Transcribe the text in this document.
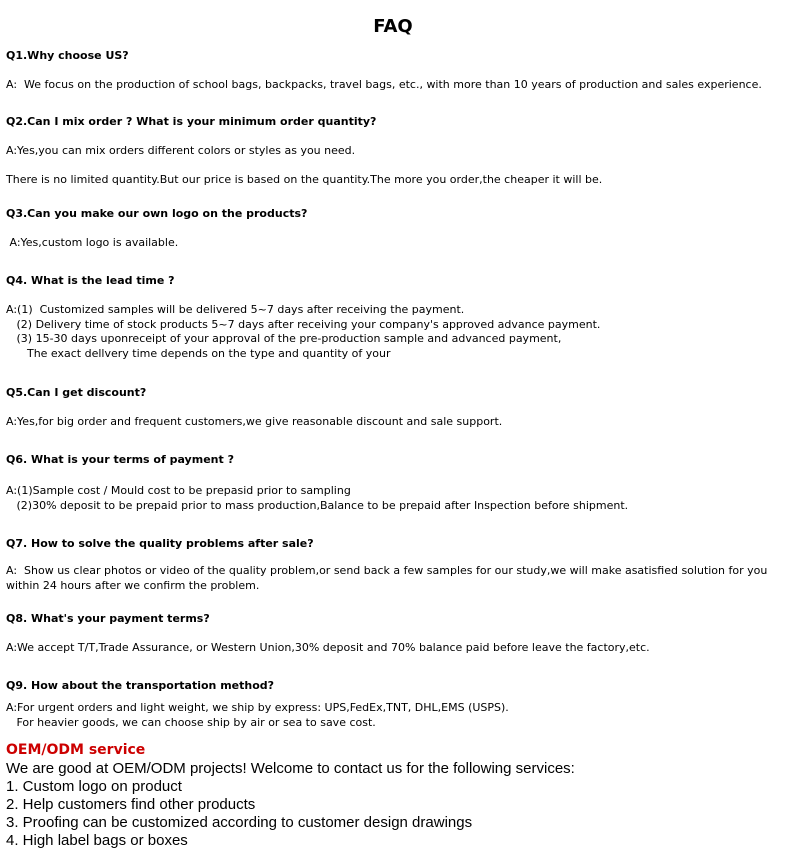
FAQ
Q1.Why choose US?
A:  We focus on the production of school bags, backpacks, travel bags, etc., with more than 10 years of production and sales experience.
Q2.Can I mix order ? What is your minimum order quantity?
A:Yes,you can mix orders different colors or styles as you need.
There is no limited quantity.But our price is based on the quantity.The more you order,the cheaper it will be.
Q3.Can you make our own logo on the products?
A:Yes,custom logo is available.
Q4. What is the lead time ?
A:(1)  Customized samples will be delivered 5~7 days after receiving the payment.
(2) Delivery time of stock products 5~7 days after receiving your company's approved advance payment.
(3) 15-30 days uponreceipt of your approval of the pre-production sample and advanced payment,
The exact dellvery time depends on the type and quantity of your
Q5.Can I get discount?
A:Yes,for big order and frequent customers,we give reasonable discount and sale support.
Q6. What is your terms of payment ?
A:(1)Sample cost / Mould cost to be prepasid prior to sampling
(2)30% deposit to be prepaid prior to mass production,Balance to be prepaid after Inspection before shipment.
Q7. How to solve the quality problems after sale?
A:  Show us clear photos or video of the quality problem,or send back a few samples for our study,we will make asatisfied solution for you
within 24 hours after we confirm the problem.
Q8. What's your payment terms?
A:We accept T/T,Trade Assurance, or Western Union,30% deposit and 70% balance paid before leave the factory,etc.
Q9. How about the transportation method?
A:For urgent orders and light weight, we ship by express: UPS,FedEx,TNT, DHL,EMS (USPS).
For heavier goods, we can choose ship by air or sea to save cost.
OEM/ODM service
We are good at OEM/ODM projects! Welcome to contact us for the following services:
1. Custom logo on product
2. Help customers find other products
3. Proofing can be customized according to customer design drawings
4. High label bags or boxes
